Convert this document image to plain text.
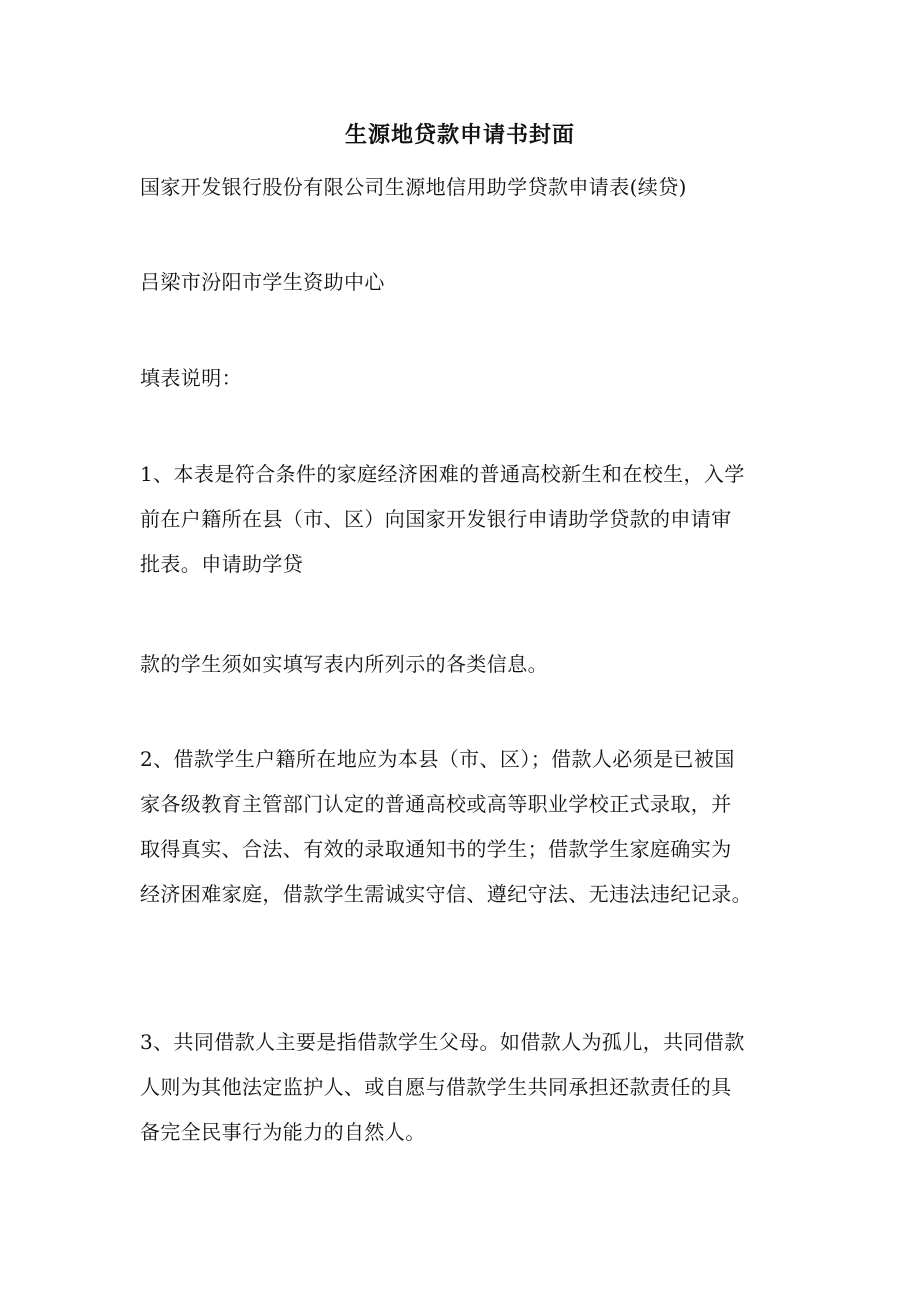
生源地贷款申请书封面
国家开发银行股份有限公司生源地信用助学贷款申请表(续贷)
吕梁市汾阳市学生资助中心
填表说明：
1、本表是符合条件的家庭经济困难的普通高校新生和在校生，入学
前在户籍所在县（市、区）向国家开发银行申请助学贷款的申请审
批表。申请助学贷
款的学生须如实填写表内所列示的各类信息。
2、借款学生户籍所在地应为本县（市、区）；借款人必须是已被国
家各级教育主管部门认定的普通高校或高等职业学校正式录取，并
取得真实、合法、有效的录取通知书的学生；借款学生家庭确实为
经济困难家庭，借款学生需诚实守信、遵纪守法、无违法违纪记录。
3、共同借款人主要是指借款学生父母。如借款人为孤儿，共同借款
人则为其他法定监护人、或自愿与借款学生共同承担还款责任的具
备完全民事行为能力的自然人。
